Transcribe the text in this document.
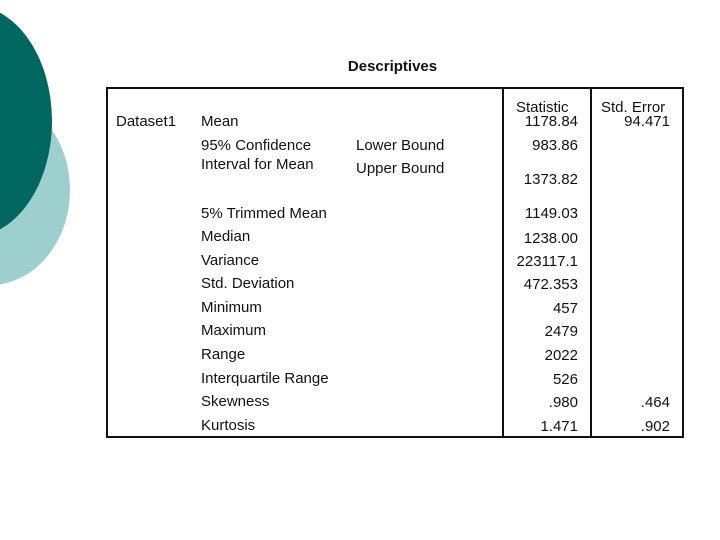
Descriptives
Statistic Std. Error
Dataset1 Mean
95% Confidence
Interval for Mean
Lower Bound
Upper Bound
5% Trimmed Mean
Median
Variance
Std. Deviation
Minimum
Maximum
Range
Interquartile Range
Skewness
Kurtosis
1178.84
983.86
1373.82
1149.03
1238.00
223117.1
472.353
457
2479
2022
526
.980
1.471
94.471
.464
.902
